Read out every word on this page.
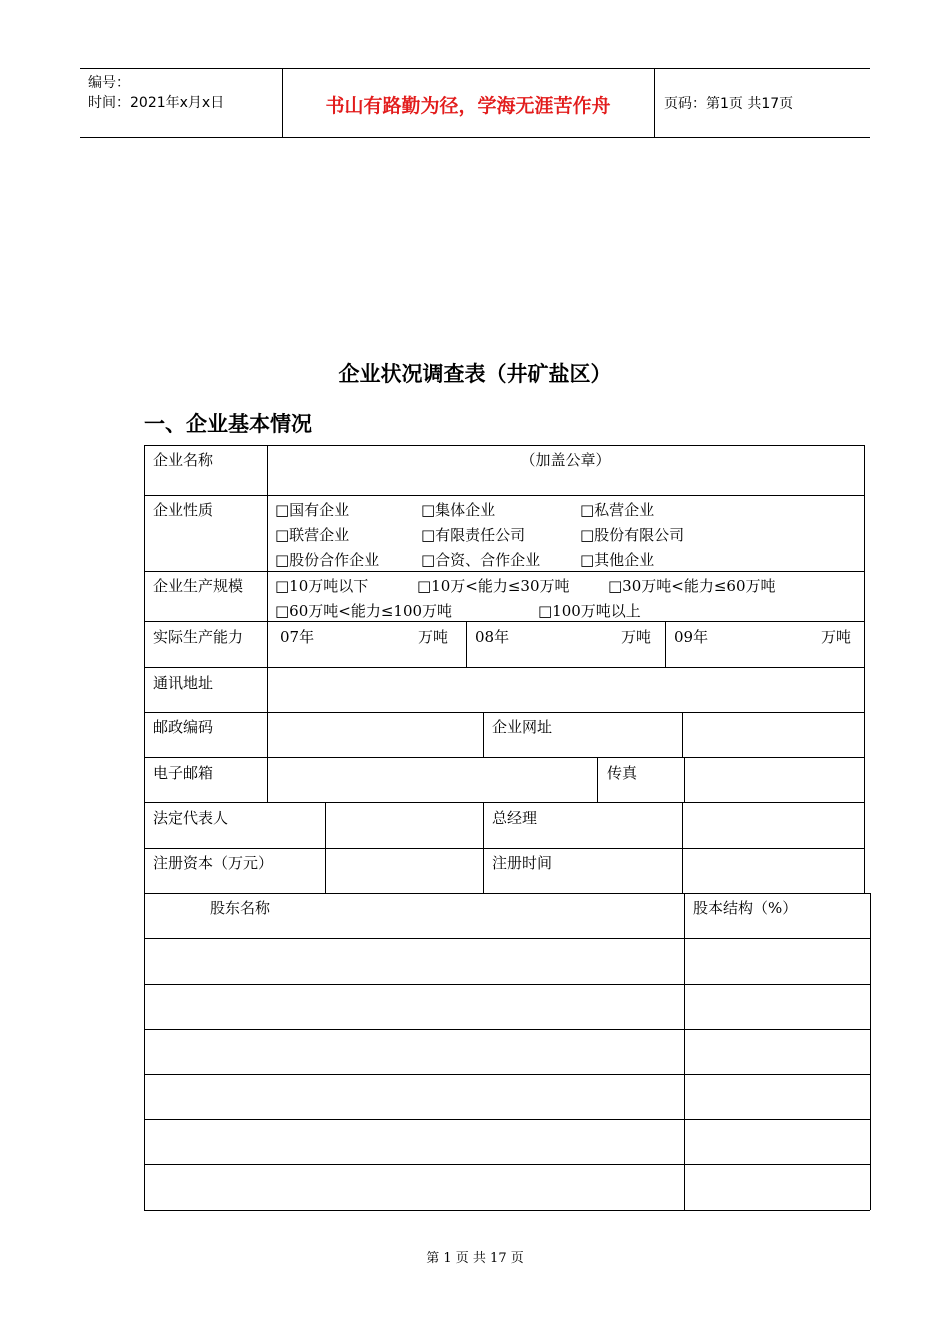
编号：
时间：2021年x月x日	书山有路勤为径，学海无涯苦作舟	页码：第1页 共17页
企业状况调查表（井矿盐区）
一、企业基本情况
企业名称	（加盖公章）
企业性质	□国有企业	□集体企业	□私营企业
□联营企业	□有限责任公司	□股份有限公司
□股份合作企业	□合资、合作企业	□其他企业
企业生产规模 □10万吨以下	□10万<能力≤30万吨	□30万吨<能力≤60万吨
□60万吨<能力≤100万吨	□100万吨以上
实际生产能力 07年	万吨 08年	万吨 09年	万吨
通讯地址
邮政编码	企业网址
电子邮箱	传真
法定代表人	总经理
注册资本（万元）	注册时间
股东名称	股本结构（%）
第 1 页 共 17 页
